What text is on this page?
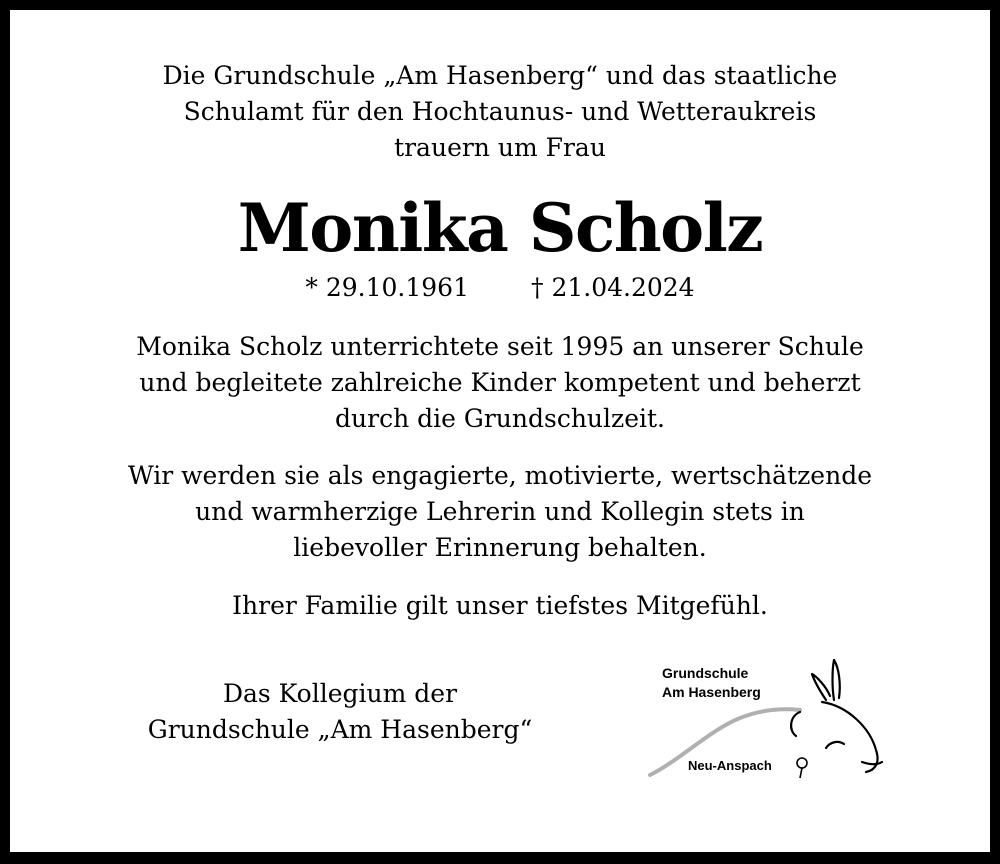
Die Grundschule „Am Hasenberg“ und das staatliche
Schulamt für den Hochtaunus- und Wetteraukreis
trauern um Frau
Monika Scholz
* 29.10.1961 † 21.04.2024
Monika Scholz unterrichtete seit 1995 an unserer Schule
und begleitete zahlreiche Kinder kompetent und beherzt
durch die Grundschulzeit.
Wir werden sie als engagierte, motivierte, wertschätzende
und warmherzige Lehrerin und Kollegin stets in
liebevoller Erinnerung behalten.
Ihrer Familie gilt unser tiefstes Mitgefühl.
Das Kollegium der
Grundschule „Am Hasenberg“
Grundschule
Am Hasenberg
Neu-Anspach
